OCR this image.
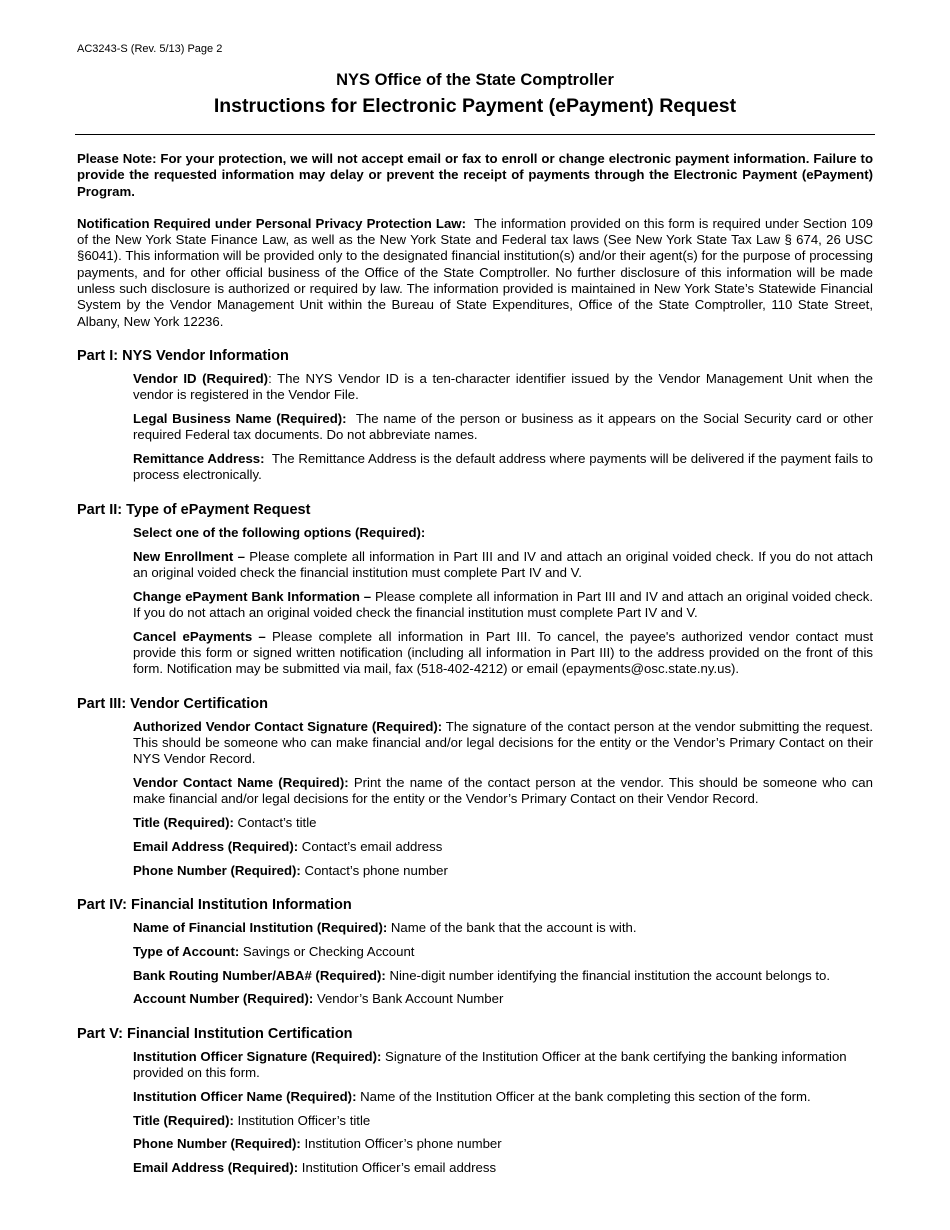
AC3243-S (Rev. 5/13) Page 2
NYS Office of the State Comptroller
Instructions for Electronic Payment (ePayment) Request

Please Note: For your protection, we will not accept email or fax to enroll or change electronic payment information. Failure to provide the requested information may delay or prevent the receipt of payments through the Electronic Payment (ePayment) Program.

Notification Required under Personal Privacy Protection Law: The information provided on this form is required under Section 109 of the New York State Finance Law, as well as the New York State and Federal tax laws (See New York State Tax Law § 674, 26 USC §6041). This information will be provided only to the designated financial institution(s) and/or their agent(s) for the purpose of processing payments, and for other official business of the Office of the State Comptroller. No further disclosure of this information will be made unless such disclosure is authorized or required by law. The information provided is maintained in New York State’s Statewide Financial System by the Vendor Management Unit within the Bureau of State Expenditures, Office of the State Comptroller, 110 State Street, Albany, New York 12236.

Part I: NYS Vendor Information

Vendor ID (Required): The NYS Vendor ID is a ten-character identifier issued by the Vendor Management Unit when the vendor is registered in the Vendor File.

Legal Business Name (Required): The name of the person or business as it appears on the Social Security card or other required Federal tax documents. Do not abbreviate names.

Remittance Address: The Remittance Address is the default address where payments will be delivered if the payment fails to process electronically.

Part II: Type of ePayment Request

Select one of the following options (Required):

New Enrollment – Please complete all information in Part III and IV and attach an original voided check. If you do not attach an original voided check the financial institution must complete Part IV and V.

Change ePayment Bank Information – Please complete all information in Part III and IV and attach an original voided check. If you do not attach an original voided check the financial institution must complete Part IV and V.

Cancel ePayments – Please complete all information in Part III. To cancel, the payee's authorized vendor contact must provide this form or signed written notification (including all information in Part III) to the address provided on the front of this form. Notification may be submitted via mail, fax (518-402-4212) or email (epayments@osc.state.ny.us).

Part III: Vendor Certification

Authorized Vendor Contact Signature (Required): The signature of the contact person at the vendor submitting the request. This should be someone who can make financial and/or legal decisions for the entity or the Vendor’s Primary Contact on their NYS Vendor Record.

Vendor Contact Name (Required): Print the name of the contact person at the vendor. This should be someone who can make financial and/or legal decisions for the entity or the Vendor’s Primary Contact on their Vendor Record.

Title (Required): Contact’s title

Email Address (Required): Contact’s email address

Phone Number (Required): Contact’s phone number

Part IV: Financial Institution Information

Name of Financial Institution (Required): Name of the bank that the account is with.

Type of Account: Savings or Checking Account

Bank Routing Number/ABA# (Required): Nine-digit number identifying the financial institution the account belongs to.

Account Number (Required): Vendor’s Bank Account Number

Part V: Financial Institution Certification

Institution Officer Signature (Required): Signature of the Institution Officer at the bank certifying the banking information provided on this form.

Institution Officer Name (Required): Name of the Institution Officer at the bank completing this section of the form.

Title (Required): Institution Officer’s title

Phone Number (Required): Institution Officer’s phone number

Email Address (Required): Institution Officer’s email address
